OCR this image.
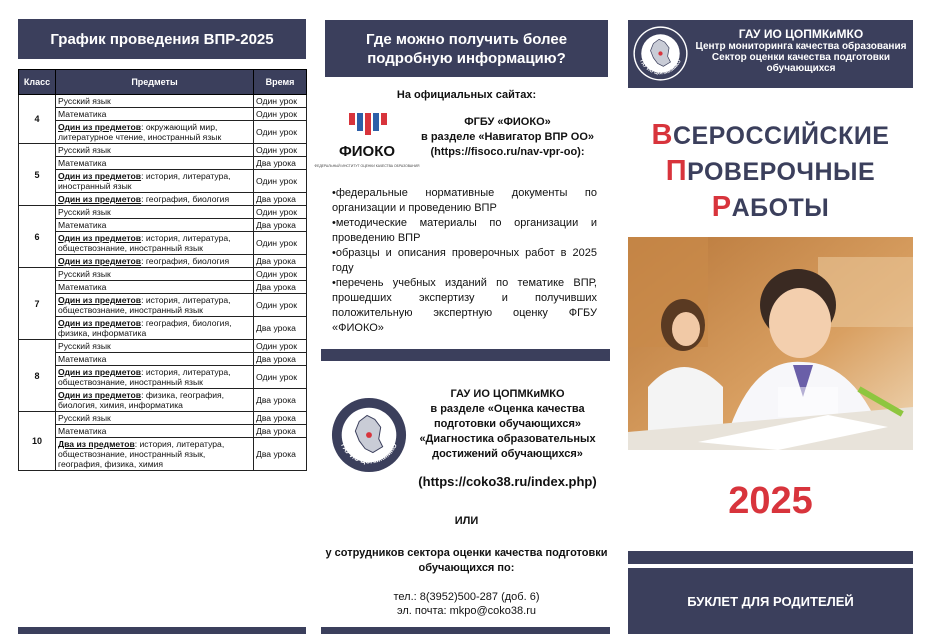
График проведения ВПР-2025
Класс	Предметы	Время
4	Русский язык	Один урок
	Математика	Один урок
	Один из предметов: окружающий мир, литературное чтение, иностранный язык	Один урок
5	Русский язык	Один урок
	Математика	Два урока
	Один из предметов: история, литература, иностранный язык	Один урок
	Один из предметов: география, биология	Два урока
6	Русский язык	Один урок
	Математика	Два урока
	Один из предметов: история, литература, обществознание, иностранный язык	Один урок
	Один из предметов: география, биология	Два урока
7	Русский язык	Один урок
	Математика	Два урока
	Один из предметов: история, литература, обществознание, иностранный язык	Один урок
	Один из предметов: география, биология, физика, информатика	Два урока
8	Русский язык	Один урок
	Математика	Два урока
	Один из предметов: история, литература, обществознание, иностранный язык	Один урок
	Один из предметов: физика, география, биология, химия, информатика	Два урока
10	Русский язык	Два урока
	Математика	Два урока
	Два из предметов: история, литература, обществознание, иностранный язык, география, физика, химия	Два урока
Где можно получить более подробную информацию?
На официальных сайтах:
ФИОКО
ФЕДЕРАЛЬНЫЙ ИНСТИТУТ ОЦЕНКИ КАЧЕСТВА ОБРАЗОВАНИЯ
ФГБУ «ФИОКО»
в разделе «Навигатор ВПР ОО»
(https://fisoco.ru/nav-vpr-oo):
•федеральные нормативные документы по организации и проведению ВПР
•методические материалы по организации и проведению ВПР
•образцы и описания проверочных работ в 2025 году
•перечень учебных изданий по тематике ВПР, прошедших экспертизу и получивших положительную экспертную оценку ФГБУ «ФИОКО»
ГАУ ИО ЦОПМКиМКО
ГАУ ИО ЦОПМКиМКО
в разделе «Оценка качества подготовки обучающихся»
«Диагностика образовательных достижений обучающихся»
(https://coko38.ru/index.php)
ИЛИ
у сотрудников сектора оценки качества подготовки обучающихся по:
тел.: 8(3952)500-287 (доб. 6)
эл. почта: mkpo@coko38.ru
ГАУ ИО ЦОПМКиМКО
ГАУ ИО ЦОПМКиМКО
Центр мониторинга качества образования
Сектор оценки качества подготовки обучающихся
ВСЕРОССИЙСКИЕ
ПРОВЕРОЧНЫЕ
РАБОТЫ
2025
БУКЛЕТ ДЛЯ РОДИТЕЛЕЙ
